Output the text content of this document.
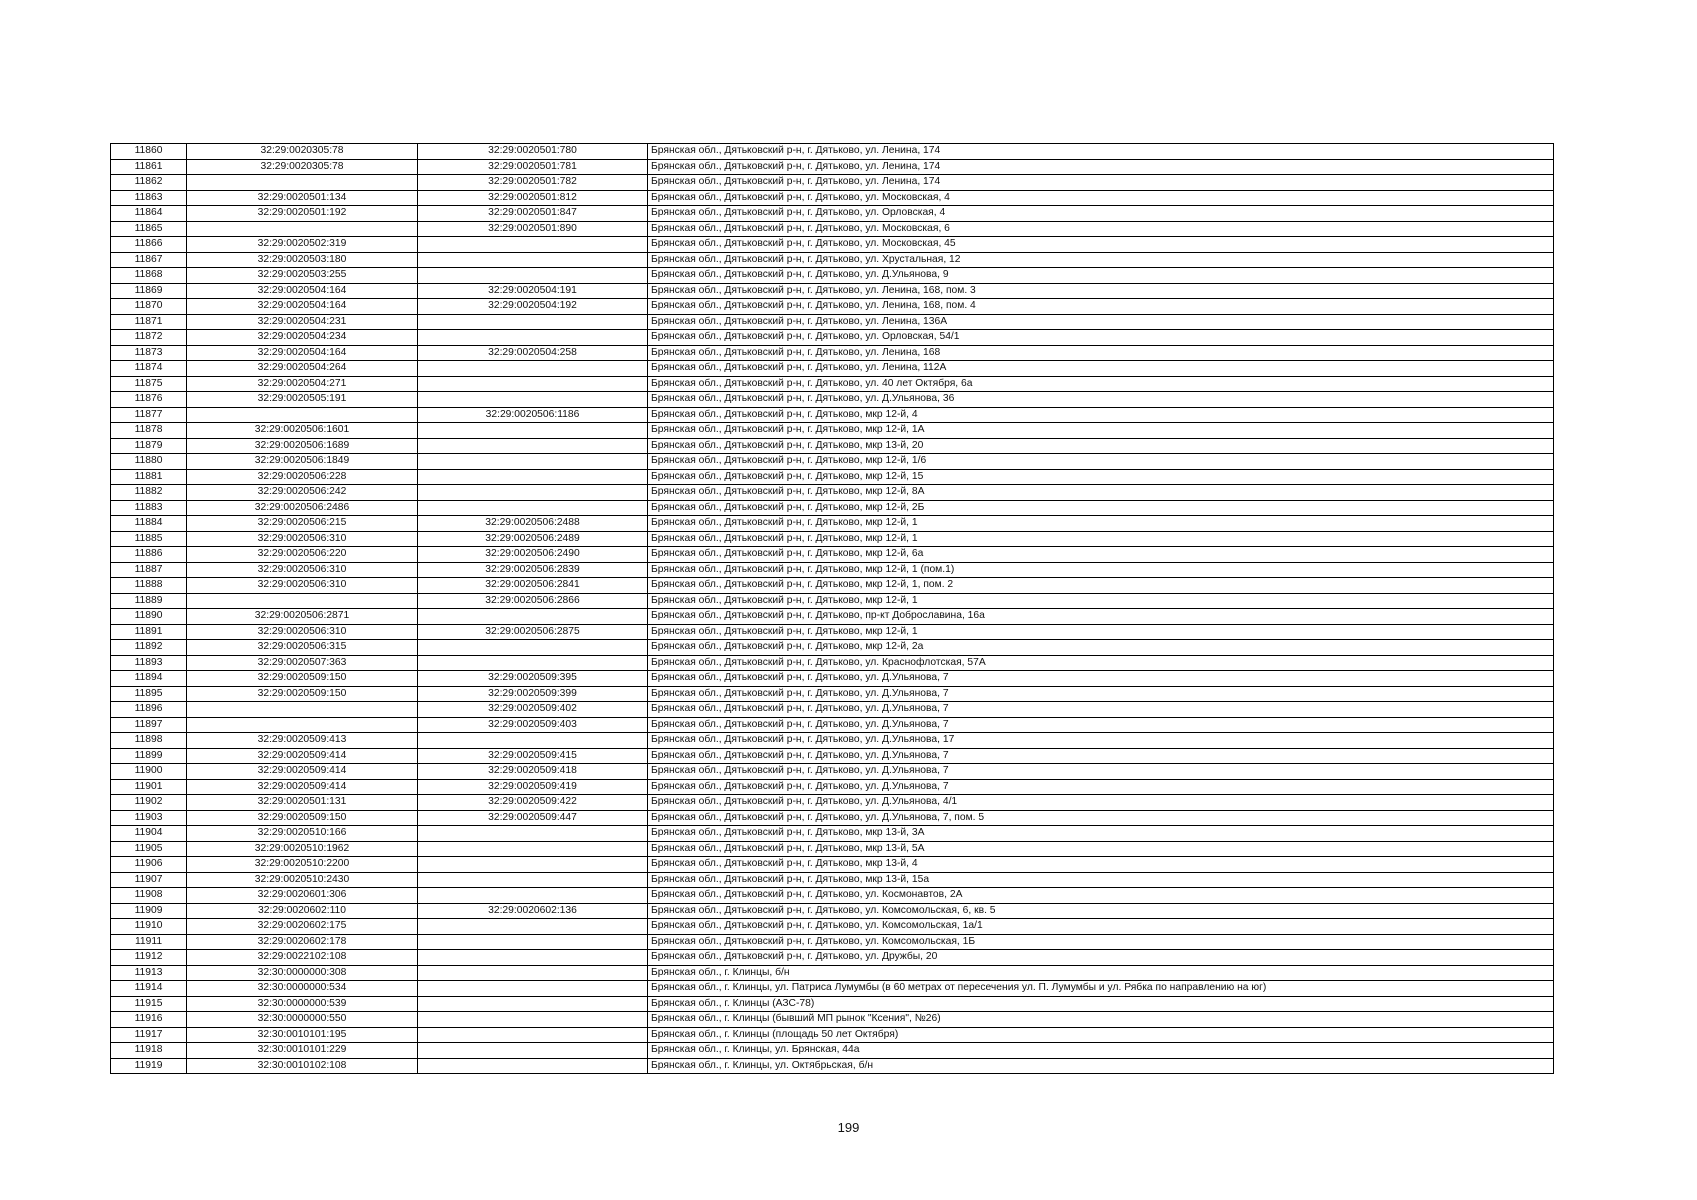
11860	32:29:0020305:78	32:29:0020501:780	Брянская обл., Дятьковский р-н, г. Дятьково, ул. Ленина, 174
11861	32:29:0020305:78	32:29:0020501:781	Брянская обл., Дятьковский р-н, г. Дятьково, ул. Ленина, 174
11862		32:29:0020501:782	Брянская обл., Дятьковский р-н, г. Дятьково, ул. Ленина, 174
11863	32:29:0020501:134	32:29:0020501:812	Брянская обл., Дятьковский р-н, г. Дятьково, ул. Московская, 4
11864	32:29:0020501:192	32:29:0020501:847	Брянская обл., Дятьковский р-н, г. Дятьково, ул. Орловская, 4
11865		32:29:0020501:890	Брянская обл., Дятьковский р-н, г. Дятьково, ул. Московская, 6
11866	32:29:0020502:319		Брянская обл., Дятьковский р-н, г. Дятьково, ул. Московская, 45
11867	32:29:0020503:180		Брянская обл., Дятьковский р-н, г. Дятьково, ул. Хрустальная, 12
11868	32:29:0020503:255		Брянская обл., Дятьковский р-н, г. Дятьково, ул. Д.Ульянова, 9
11869	32:29:0020504:164	32:29:0020504:191	Брянская обл., Дятьковский р-н, г. Дятьково, ул. Ленина, 168, пом. 3
11870	32:29:0020504:164	32:29:0020504:192	Брянская обл., Дятьковский р-н, г. Дятьково, ул. Ленина, 168, пом. 4
11871	32:29:0020504:231		Брянская обл., Дятьковский р-н, г. Дятьково, ул. Ленина, 136А
11872	32:29:0020504:234		Брянская обл., Дятьковский р-н, г. Дятьково, ул. Орловская, 54/1
11873	32:29:0020504:164	32:29:0020504:258	Брянская обл., Дятьковский р-н, г. Дятьково, ул. Ленина, 168
11874	32:29:0020504:264		Брянская обл., Дятьковский р-н, г. Дятьково, ул. Ленина, 112А
11875	32:29:0020504:271		Брянская обл., Дятьковский р-н, г. Дятьково, ул. 40 лет Октября, 6а
11876	32:29:0020505:191		Брянская обл., Дятьковский р-н, г. Дятьково, ул. Д.Ульянова, 36
11877		32:29:0020506:1186	Брянская обл., Дятьковский р-н, г. Дятьково, мкр 12-й, 4
11878	32:29:0020506:1601		Брянская обл., Дятьковский р-н, г. Дятьково, мкр 12-й, 1А
11879	32:29:0020506:1689		Брянская обл., Дятьковский р-н, г. Дятьково, мкр 13-й, 20
11880	32:29:0020506:1849		Брянская обл., Дятьковский р-н, г. Дятьково, мкр 12-й, 1/6
11881	32:29:0020506:228		Брянская обл., Дятьковский р-н, г. Дятьково, мкр 12-й, 15
11882	32:29:0020506:242		Брянская обл., Дятьковский р-н, г. Дятьково, мкр 12-й, 8А
11883	32:29:0020506:2486		Брянская обл., Дятьковский р-н, г. Дятьково, мкр 12-й, 2Б
11884	32:29:0020506:215	32:29:0020506:2488	Брянская обл., Дятьковский р-н, г. Дятьково, мкр 12-й, 1
11885	32:29:0020506:310	32:29:0020506:2489	Брянская обл., Дятьковский р-н, г. Дятьково, мкр 12-й, 1
11886	32:29:0020506:220	32:29:0020506:2490	Брянская обл., Дятьковский р-н, г. Дятьково, мкр 12-й, 6а
11887	32:29:0020506:310	32:29:0020506:2839	Брянская обл., Дятьковский р-н, г. Дятьково, мкр 12-й, 1 (пом.1)
11888	32:29:0020506:310	32:29:0020506:2841	Брянская обл., Дятьковский р-н, г. Дятьково, мкр 12-й, 1, пом. 2
11889		32:29:0020506:2866	Брянская обл., Дятьковский р-н, г. Дятьково, мкр 12-й, 1
11890	32:29:0020506:2871		Брянская обл., Дятьковский р-н, г. Дятьково, пр-кт Доброславина, 16а
11891	32:29:0020506:310	32:29:0020506:2875	Брянская обл., Дятьковский р-н, г. Дятьково, мкр 12-й, 1
11892	32:29:0020506:315		Брянская обл., Дятьковский р-н, г. Дятьково, мкр 12-й, 2а
11893	32:29:0020507:363		Брянская обл., Дятьковский р-н, г. Дятьково, ул. Краснофлотская, 57А
11894	32:29:0020509:150	32:29:0020509:395	Брянская обл., Дятьковский р-н, г. Дятьково, ул. Д.Ульянова, 7
11895	32:29:0020509:150	32:29:0020509:399	Брянская обл., Дятьковский р-н, г. Дятьково, ул. Д.Ульянова, 7
11896		32:29:0020509:402	Брянская обл., Дятьковский р-н, г. Дятьково, ул. Д.Ульянова, 7
11897		32:29:0020509:403	Брянская обл., Дятьковский р-н, г. Дятьково, ул. Д.Ульянова, 7
11898	32:29:0020509:413		Брянская обл., Дятьковский р-н, г. Дятьково, ул. Д.Ульянова, 17
11899	32:29:0020509:414	32:29:0020509:415	Брянская обл., Дятьковский р-н, г. Дятьково, ул. Д.Ульянова, 7
11900	32:29:0020509:414	32:29:0020509:418	Брянская обл., Дятьковский р-н, г. Дятьково, ул. Д.Ульянова, 7
11901	32:29:0020509:414	32:29:0020509:419	Брянская обл., Дятьковский р-н, г. Дятьково, ул. Д.Ульянова, 7
11902	32:29:0020501:131	32:29:0020509:422	Брянская обл., Дятьковский р-н, г. Дятьково, ул. Д.Ульянова, 4/1
11903	32:29:0020509:150	32:29:0020509:447	Брянская обл., Дятьковский р-н, г. Дятьково, ул. Д.Ульянова, 7, пом. 5
11904	32:29:0020510:166		Брянская обл., Дятьковский р-н, г. Дятьково, мкр 13-й, 3А
11905	32:29:0020510:1962		Брянская обл., Дятьковский р-н, г. Дятьково, мкр 13-й, 5А
11906	32:29:0020510:2200		Брянская обл., Дятьковский р-н, г. Дятьково, мкр 13-й, 4
11907	32:29:0020510:2430		Брянская обл., Дятьковский р-н, г. Дятьково, мкр 13-й, 15а
11908	32:29:0020601:306		Брянская обл., Дятьковский р-н, г. Дятьково, ул. Космонавтов, 2А
11909	32:29:0020602:110	32:29:0020602:136	Брянская обл., Дятьковский р-н, г. Дятьково, ул. Комсомольская, 6, кв. 5
11910	32:29:0020602:175		Брянская обл., Дятьковский р-н, г. Дятьково, ул. Комсомольская, 1а/1
11911	32:29:0020602:178		Брянская обл., Дятьковский р-н, г. Дятьково, ул. Комсомольская, 1Б
11912	32:29:0022102:108		Брянская обл., Дятьковский р-н, г. Дятьково, ул. Дружбы, 20
11913	32:30:0000000:308		Брянская обл., г. Клинцы, б/н
11914	32:30:0000000:534		Брянская обл., г. Клинцы, ул. Патриса Лумумбы (в 60 метрах от пересечения ул. П. Лумумбы и ул. Рябка по направлению на юг)
11915	32:30:0000000:539		Брянская обл., г. Клинцы (АЗС-78)
11916	32:30:0000000:550		Брянская обл., г. Клинцы (бывший МП рынок "Ксения", №26)
11917	32:30:0010101:195		Брянская обл., г. Клинцы (площадь 50 лет Октября)
11918	32:30:0010101:229		Брянская обл., г. Клинцы, ул. Брянская, 44а
11919	32:30:0010102:108		Брянская обл., г. Клинцы, ул. Октябрьская, б/н
199
